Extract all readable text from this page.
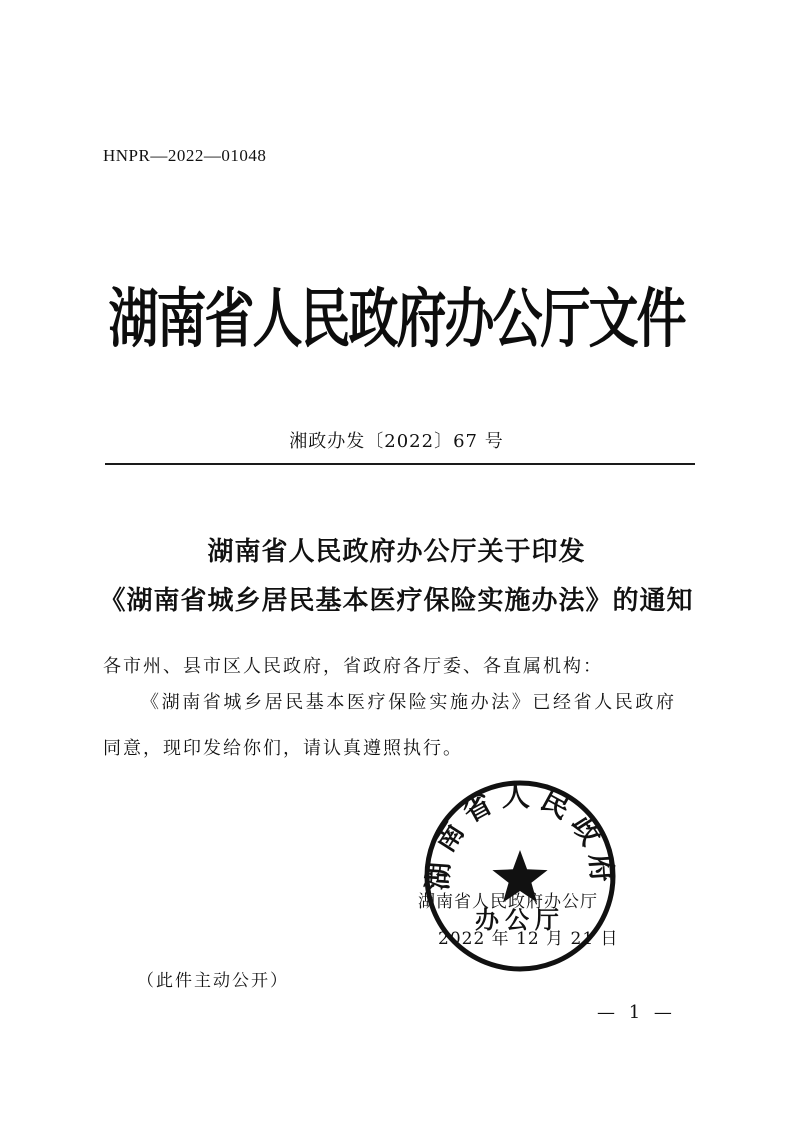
HNPR—2022—01048
湖南省人民政府办公厅文件
湘政办发〔2022〕67 号
湖南省人民政府办公厅关于印发
《湖南省城乡居民基本医疗保险实施办法》的通知
各市州、县市区人民政府，省政府各厅委、各直属机构：
《湖南省城乡居民基本医疗保险实施办法》已经省人民政府
同意，现印发给你们，请认真遵照执行。
湖南省人民政府
办公厅
湖南省人民政府办公厅
2022 年 12 月 21 日
（此件主动公开）
— 1 —
